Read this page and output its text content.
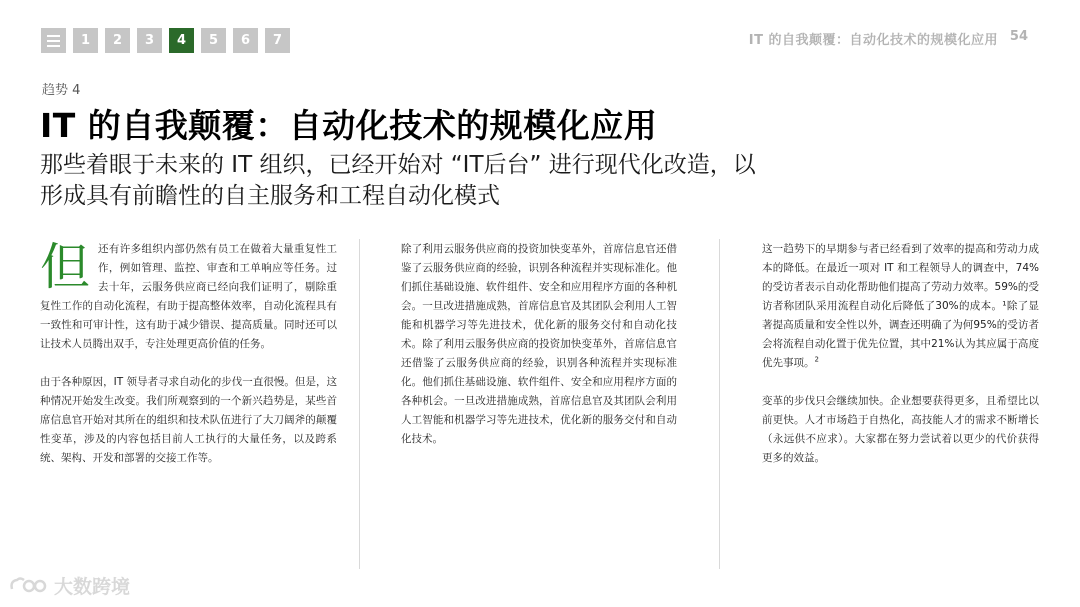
1	2	3	4	5	6	7	IT 的自我颠覆：自动化技术的规模化应用 54
趋势 4
IT 的自我颠覆：自动化技术的规模化应用
那些着眼于未来的 IT 组织，已经开始对 “IT后台” 进行现代化改造，以形成具有前瞻性的自主服务和工程自动化模式

但还有许多组织内部仍然有员工在做着大量重复性工作，例如管理、监控、审查和工单响应等任务。过去十年，云服务供应商已经向我们证明了，剔除重复性工作的自动化流程，有助于提高整体效率，自动化流程具有一致性和可审计性，这有助于减少错误、提高质量。同时还可以让技术人员腾出双手，专注处理更高价值的任务。

由于各种原因，IT 领导者寻求自动化的步伐一直很慢。但是，这种情况开始发生改变。我们所观察到的一个新兴趋势是，某些首席信息官开始对其所在的组织和技术队伍进行了大刀阔斧的颠覆性变革，涉及的内容包括目前人工执行的大量任务，以及跨系统、架构、开发和部署的交接工作等。

除了利用云服务供应商的投资加快变革外，首席信息官还借鉴了云服务供应商的经验，识别各种流程并实现标准化。他们抓住基础设施、软件组件、安全和应用程序方面的各种机会。一旦改进措施成熟，首席信息官及其团队会利用人工智能和机器学习等先进技术，优化新的服务交付和自动化技术。除了利用云服务供应商的投资加快变革外，首席信息官还借鉴了云服务供应商的经验，识别各种流程并实现标准化。他们抓住基础设施、软件组件、安全和应用程序方面的各种机会。一旦改进措施成熟，首席信息官及其团队会利用人工智能和机器学习等先进技术，优化新的服务交付和自动化技术。

这一趋势下的早期参与者已经看到了效率的提高和劳动力成本的降低。在最近一项对 IT 和工程领导人的调查中，74%的受访者表示自动化帮助他们提高了劳动力效率。59%的受访者称团队采用流程自动化后降低了30%的成本。¹除了显著提高质量和安全性以外，调查还明确了为何95%的受访者会将流程自动化置于优先位置，其中21%认为其应属于高度优先事项。$^2$

变革的步伐只会继续加快。企业想要获得更多，且希望比以前更快。人才市场趋于自热化，高技能人才的需求不断增长（永远供不应求）。大家都在努力尝试着以更少的代价获得更多的效益。

大数跨境
